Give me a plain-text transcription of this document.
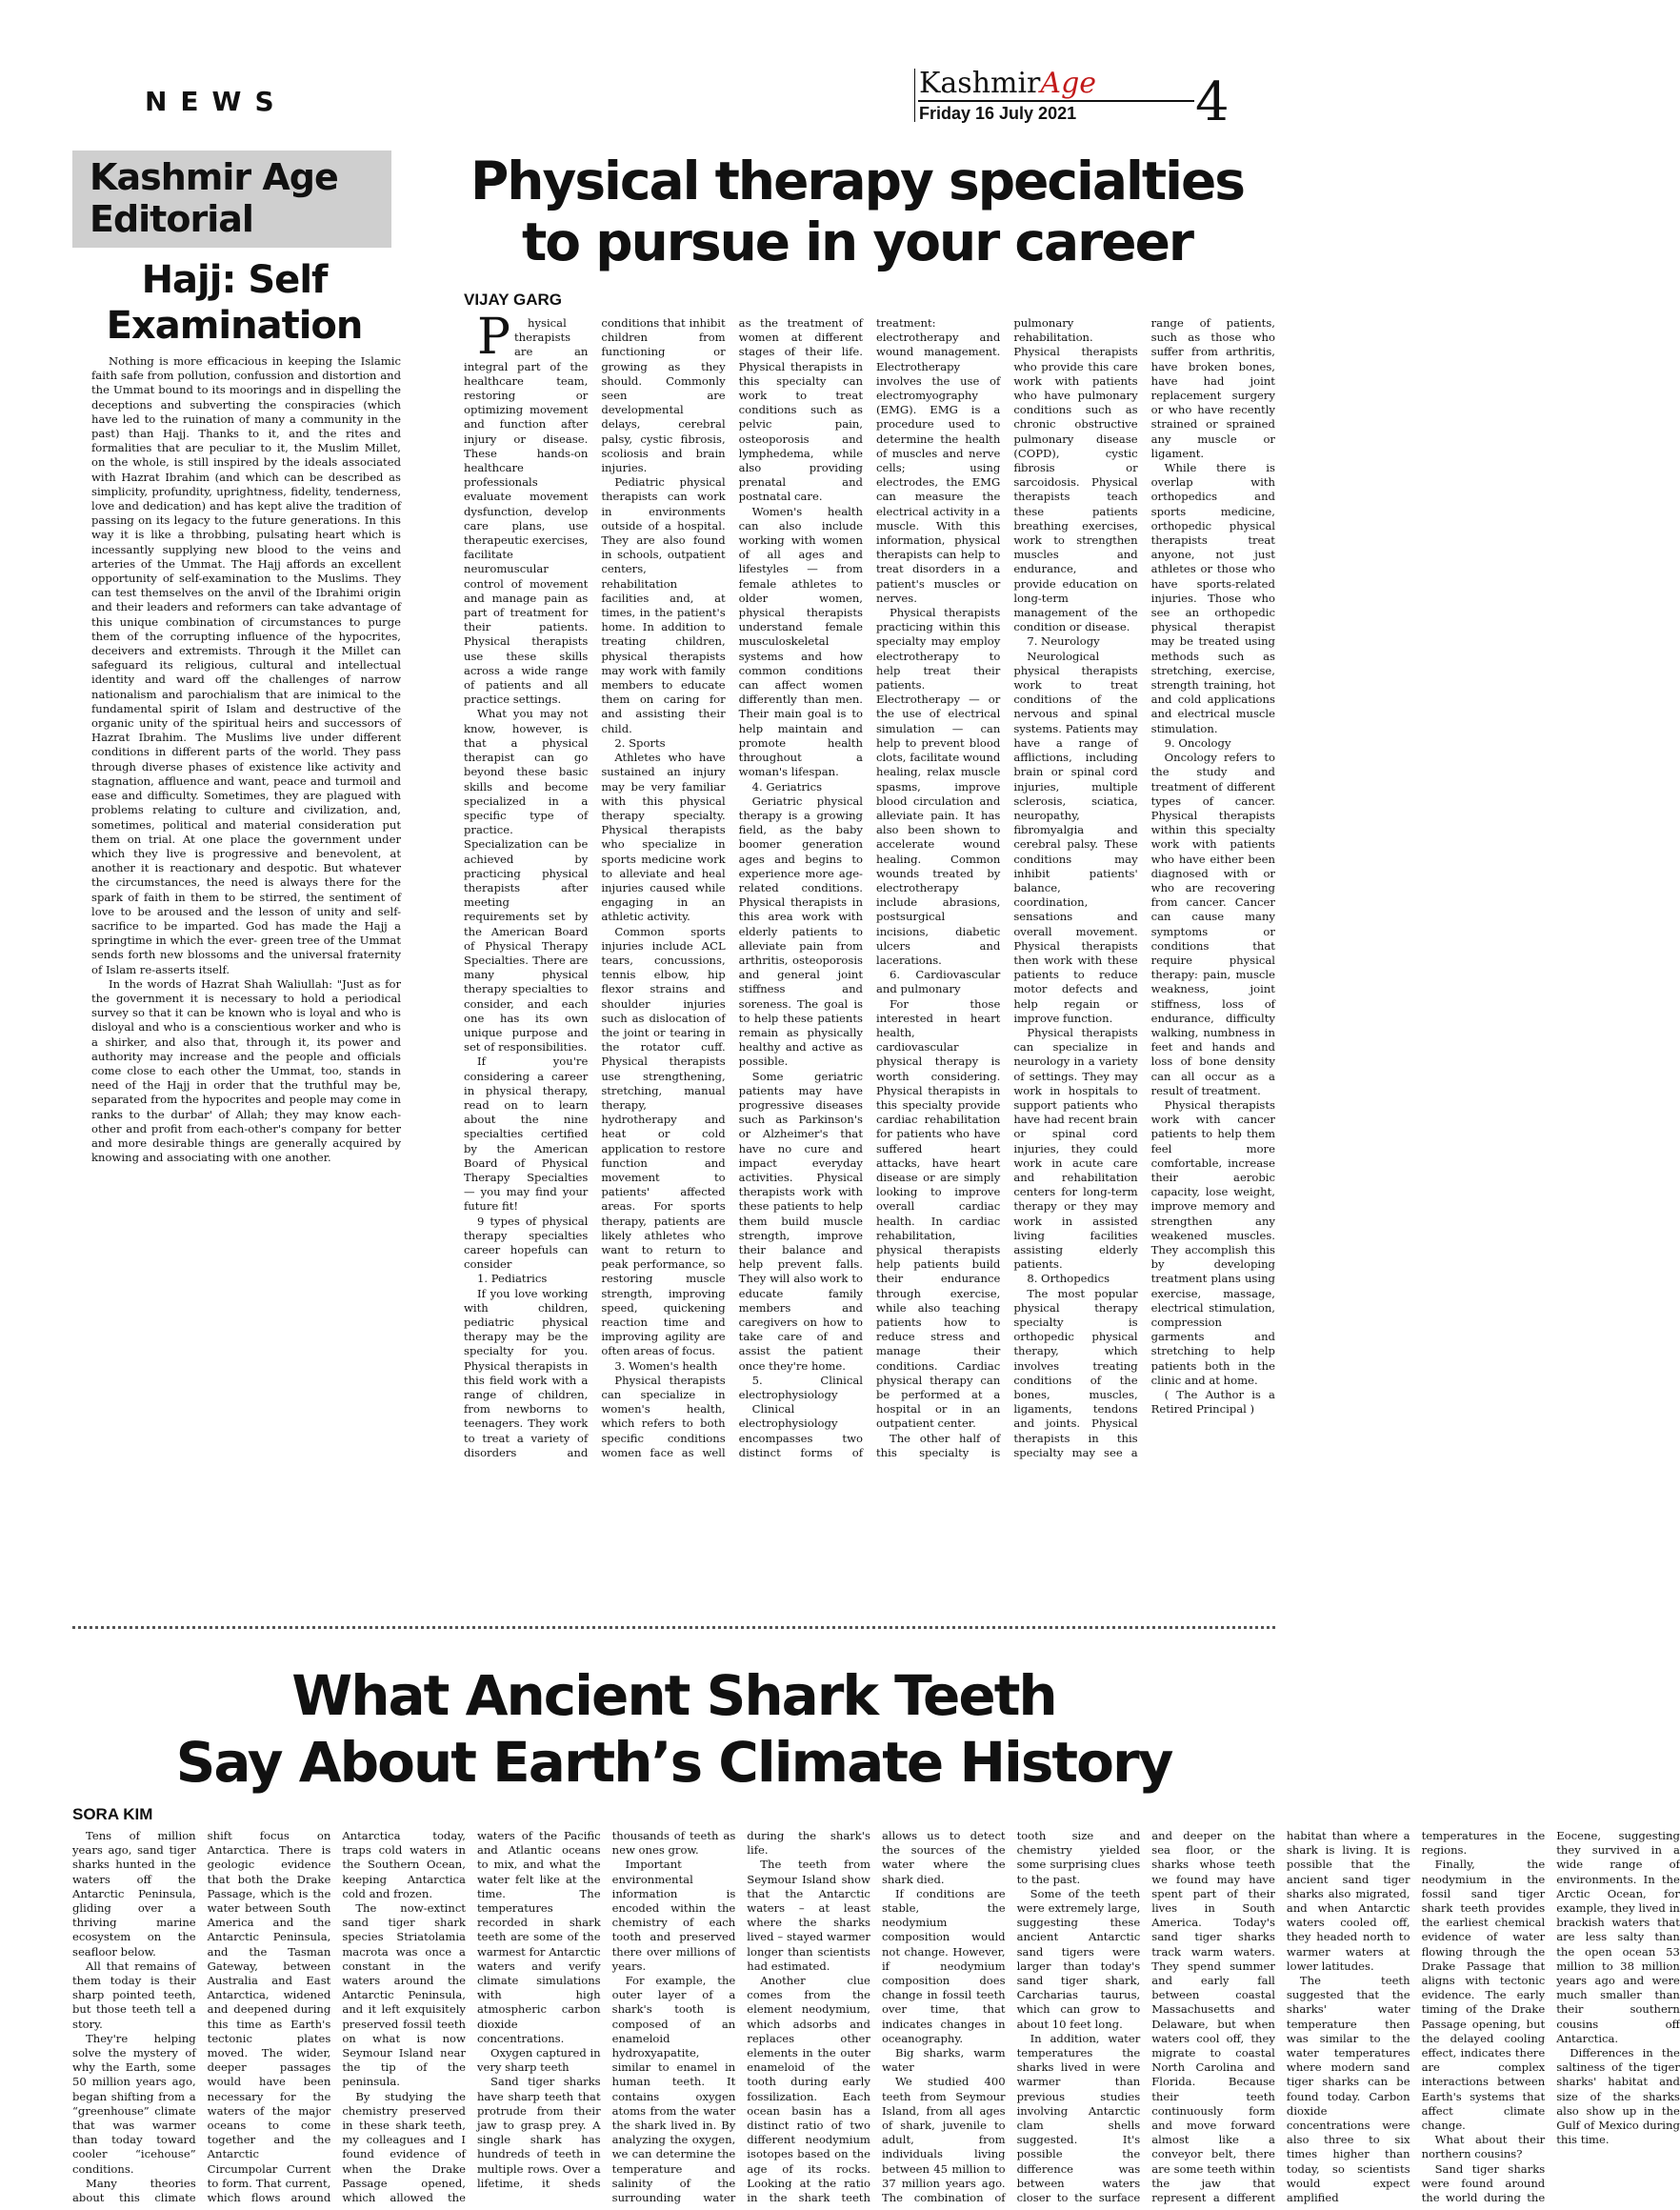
NEWS
KashmirAge
Friday 16 July 2021 4
Kashmir Age
Editorial
Hajj: Self
Examination

Nothing is more efficacious in keeping the Islamic faith safe from pollution, confussion and distortion and the Ummat bound to its moorings and in dispelling the deceptions and subverting the conspiracies (which have led to the ruination of many a community in the past) than Hajj. Thanks to it, and the rites and formalities that are peculiar to it, the Muslim Millet, on the whole, is still inspired by the ideals associated with Hazrat Ibrahim (and which can be described as simplicity, profundity, uprightness, fidelity, tenderness, love and dedication) and has kept alive the tradition of passing on its legacy to the future generations. In this way it is like a throbbing, pulsating heart which is incessantly supplying new blood to the veins and arteries of the Ummat. The Hajj affords an excellent opportunity of self-examination to the Muslims. They can test themselves on the anvil of the Ibrahimi origin and their leaders and reformers can take advantage of this unique combination of circumstances to purge them of the corrupting influence of the hypocrites, deceivers and extremists. Through it the Millet can safeguard its religious, cultural and intellectual identity and ward off the challenges of narrow nationalism and parochialism that are inimical to the fundamental spirit of Islam and destructive of the organic unity of the spiritual heirs and successors of Hazrat Ibrahim. The Muslims live under different conditions in different parts of the world. They pass through diverse phases of existence like activity and stagnation, affluence and want, peace and turmoil and ease and difficulty. Sometimes, they are plagued with problems relating to culture and civilization, and, sometimes, political and material consideration put them on trial. At one place the government under which they live is progressive and benevolent, at another it is reactionary and despotic. But whatever the circumstances, the need is always there for the spark of faith in them to be stirred, the sentiment of love to be aroused and the lesson of unity and self-sacrifice to be imparted. God has made the Hajj a springtime in which the ever- green tree of the Ummat sends forth new blossoms and the universal fraternity of Islam re-asserts itself.

In the words of Hazrat Shah Waliullah: "Just as for the government it is necessary to hold a periodical survey so that it can be known who is loyal and who is disloyal and who is a conscientious worker and who is a shirker, and also that, through it, its power and authority may increase and the people and officials come close to each other the Ummat, too, stands in need of the Hajj in order that the truthful may be, separated from the hypocrites and people may come in ranks to the durbar' of Allah; they may know each-other and profit from each-other's company for better and more desirable things are generally acquired by knowing and associating with one another.

Physical therapy specialties
to pursue in your career
VIJAY GARG

Physical therapists are an integral part of the healthcare team, restoring or optimizing movement and function after injury or disease. These hands-on healthcare professionals evaluate movement dysfunction, develop care plans, use therapeutic exercises, facilitate neuromuscular control of movement and manage pain as part of treatment for their patients. Physical therapists use these skills across a wide range of patients and all practice settings.

What you may not know, however, is that a physical therapist can go beyond these basic skills and become specialized in a specific type of practice. Specialization can be achieved by practicing physical therapists after meeting requirements set by the American Board of Physical Therapy Specialties. There are many physical therapy specialties to consider, and each one has its own unique purpose and set of responsibilities.

If you're considering a career in physical therapy, read on to learn about the nine specialties certified by the American Board of Physical Therapy Specialties — you may find your future fit!

9 types of physical therapy specialties career hopefuls can consider

1. Pediatrics

If you love working with children, pediatric physical therapy may be the specialty for you. Physical therapists in this field work with a range of children, from newborns to teenagers. They work to treat a variety of disorders and conditions that inhibit children from functioning or growing as they should. Commonly seen are developmental delays, cerebral palsy, cystic fibrosis, scoliosis and brain injuries.

Pediatric physical therapists can work in environments outside of a hospital. They are also found in schools, outpatient centers, rehabilitation facilities and, at times, in the patient's home. In addition to treating children, physical therapists may work with family members to educate them on caring for and assisting their child.

2. Sports

Athletes who have sustained an injury may be very familiar with this physical therapy specialty. Physical therapists who specialize in sports medicine work to alleviate and heal injuries caused while engaging in an athletic activity.

Common sports injuries include ACL tears, concussions, tennis elbow, hip flexor strains and shoulder injuries such as dislocation of the joint or tearing in the rotator cuff. Physical therapists use strengthening, stretching, manual therapy, hydrotherapy and heat or cold application to restore function and movement to patients' affected areas. For sports therapy, patients are likely athletes who want to return to peak performance, so restoring muscle strength, improving speed, quickening reaction time and improving agility are often areas of focus.

3. Women's health

Physical therapists can specialize in women's health, which refers to both specific conditions women face as well as the treatment of women at different stages of their life. Physical therapists in this specialty can work to treat conditions such as pelvic pain, osteoporosis and lymphedema, while also providing prenatal and postnatal care.

Women's health can also include working with women of all ages and lifestyles — from female athletes to older women, physical therapists understand female musculoskeletal systems and how common conditions can affect women differently than men. Their main goal is to help maintain and promote health throughout a woman's lifespan.

4. Geriatrics

Geriatric physical therapy is a growing field, as the baby boomer generation ages and begins to experience more age-related conditions. Physical therapists in this area work with elderly patients to alleviate pain from arthritis, osteoporosis and general joint stiffness and soreness. The goal is to help these patients remain as physically healthy and active as possible.

Some geriatric patients may have progressive diseases such as Parkinson's or Alzheimer's that have no cure and impact everyday activities. Physical therapists work with these patients to help them build muscle strength, improve their balance and help prevent falls. They will also work to educate family members and caregivers on how to take care of and assist the patient once they're home.

5. Clinical electrophysiology

Clinical electrophysiology encompasses two distinct forms of treatment: electrotherapy and wound management. Electrotherapy involves the use of electromyography (EMG). EMG is a procedure used to determine the health of muscles and nerve cells; using electrodes, the EMG can measure the electrical activity in a muscle. With this information, physical therapists can help to treat disorders in a patient's muscles or nerves.

Physical therapists practicing within this specialty may employ electrotherapy to help treat their patients. Electrotherapy — or the use of electrical simulation — can help to prevent blood clots, facilitate wound healing, relax muscle spasms, improve blood circulation and alleviate pain. It has also been shown to accelerate wound healing. Common wounds treated by electrotherapy include abrasions, postsurgical incisions, diabetic ulcers and lacerations.

6. Cardiovascular and pulmonary

For those interested in heart health, cardiovascular physical therapy is worth considering. Physical therapists in this specialty provide cardiac rehabilitation for patients who have suffered heart attacks, have heart disease or are simply looking to improve overall cardiac health. In cardiac rehabilitation, physical therapists help patients build their endurance through exercise, while also teaching patients how to reduce stress and manage their conditions. Cardiac physical therapy can be performed at a hospital or in an outpatient center.

The other half of this specialty is pulmonary rehabilitation. Physical therapists who provide this care work with patients who have pulmonary conditions such as chronic obstructive pulmonary disease (COPD), cystic fibrosis or sarcoidosis. Physical therapists teach these patients breathing exercises, work to strengthen muscles and endurance, and provide education on long-term management of the condition or disease.

7. Neurology

Neurological physical therapists work to treat conditions of the nervous and spinal systems. Patients may have a range of afflictions, including brain or spinal cord injuries, multiple sclerosis, sciatica, neuropathy, fibromyalgia and cerebral palsy. These conditions may inhibit patients' balance, coordination, sensations and overall movement. Physical therapists then work with these patients to reduce motor defects and help regain or improve function.

Physical therapists can specialize in neurology in a variety of settings. They may work in hospitals to support patients who have had recent brain or spinal cord injuries, they could work in acute care and rehabilitation centers for long-term therapy or they may work in assisted living facilities assisting elderly patients.

8. Orthopedics

The most popular physical therapy specialty is orthopedic physical therapy, which involves treating conditions of the bones, muscles, ligaments, tendons and joints. Physical therapists in this specialty may see a range of patients, such as those who suffer from arthritis, have broken bones, have had joint replacement surgery or who have recently strained or sprained any muscle or ligament.

While there is overlap with orthopedics and sports medicine, orthopedic physical therapists treat anyone, not just athletes or those who have sports-related injuries. Those who see an orthopedic physical therapist may be treated using methods such as stretching, exercise, strength training, hot and cold applications and electrical muscle stimulation.

9. Oncology

Oncology refers to the study and treatment of different types of cancer. Physical therapists within this specialty work with patients who have either been diagnosed with or who are recovering from cancer. Cancer can cause many symptoms or conditions that require physical therapy: pain, muscle weakness, joint stiffness, loss of endurance, difficulty walking, numbness in feet and hands and loss of bone density can all occur as a result of treatment.

Physical therapists work with cancer patients to help them feel more comfortable, increase their aerobic capacity, lose weight, improve memory and strengthen any weakened muscles. They accomplish this by developing treatment plans using exercise, massage, electrical stimulation, compression garments and stretching to help patients both in the clinic and at home.

( The Author is a Retired Principal )

What Ancient Shark Teeth
Say About Earth’s Climate History
SORA KIM

Tens of million years ago, sand tiger sharks hunted in the waters off the Antarctic Peninsula, gliding over a thriving marine ecosystem on the seafloor below.

All that remains of them today is their sharp pointed teeth, but those teeth tell a story.

They're helping solve the mystery of why the Earth, some 50 million years ago, began shifting from a “greenhouse” climate that was warmer than today toward cooler “icehouse” conditions.

Many theories about this climate shift focus on Antarctica. There is geologic evidence that both the Drake Passage, which is the water between South America and the Antarctic Peninsula, and the Tasman Gateway, between Australia and East Antarctica, widened and deepened during this time as Earth's tectonic plates moved. The wider, deeper passages would have been necessary for the waters of the major oceans to come together and the Antarctic Circumpolar Current to form. That current, which flows around Antarctica today, traps cold waters in the Southern Ocean, keeping Antarctica cold and frozen.

The now-extinct sand tiger shark species Striatolamia macrota was once a constant in the waters around the Antarctic Peninsula, and it left exquisitely preserved fossil teeth on what is now Seymour Island near the tip of the peninsula.

By studying the chemistry preserved in these shark teeth, my colleagues and I found evidence of when the Drake Passage opened, which allowed the waters of the Pacific and Atlantic oceans to mix, and what the water felt like at the time. The temperatures recorded in shark teeth are some of the warmest for Antarctic waters and verify climate simulations with high atmospheric carbon dioxide concentrations.

Oxygen captured in very sharp teeth

Sand tiger sharks have sharp teeth that protrude from their jaw to grasp prey. A single shark has hundreds of teeth in multiple rows. Over a lifetime, it sheds thousands of teeth as new ones grow.

Important environmental information is encoded within the chemistry of each tooth and preserved there over millions of years.

For example, the outer layer of a shark's tooth is composed of an enameloid hydroxyapatite, similar to enamel in human teeth. It contains oxygen atoms from the water the shark lived in. By analyzing the oxygen, we can determine the temperature and salinity of the surrounding water during the shark's life.

The teeth from Seymour Island show that the Antarctic waters – at least where the sharks lived – stayed warmer longer than scientists had estimated.

Another clue comes from the element neodymium, which adsorbs and replaces other elements in the outer enameloid of the tooth during early fossilization. Each ocean basin has a distinct ratio of two different neodymium isotopes based on the age of its rocks. Looking at the ratio in the shark teeth allows us to detect the sources of the water where the shark died.

If conditions are stable, the neodymium composition would not change. However, if neodymium composition does change in fossil teeth over time, that indicates changes in oceanography.

Big sharks, warm water

We studied 400 teeth from Seymour Island, from all ages of shark, juvenile to adult, from individuals living between 45 million to 37 million years ago. The combination of tooth size and chemistry yielded some surprising clues to the past.

Some of the teeth were extremely large, suggesting these ancient Antarctic sand tigers were larger than today's sand tiger shark, Carcharias taurus, which can grow to about 10 feet long.

In addition, water temperatures the sharks lived in were warmer than previous studies involving Antarctic clam shells suggested. It's possible the difference was between waters closer to the surface and deeper on the sea floor, or the sharks whose teeth we found may have spent part of their lives in South America. Today's sand tiger sharks track warm waters. They spend summer and early fall between coastal Massachusetts and Delaware, but when waters cool off, they migrate to coastal North Carolina and Florida. Because their teeth continuously form and move forward almost like a conveyor belt, there are some teeth within the jaw that represent a different habitat than where a shark is living. It is possible that the ancient sand tiger sharks also migrated, and when Antarctic waters cooled off, they headed north to warmer waters at lower latitudes.

The teeth suggested that the sharks' water temperature then was similar to the water temperatures where modern sand tiger sharks can be found today. Carbon dioxide concentrations were also three to six times higher than today, so scientists would expect amplified temperatures in the regions.

Finally, the neodymium in the fossil sand tiger shark teeth provides the earliest chemical evidence of water flowing through the Drake Passage that aligns with tectonic evidence. The early timing of the Drake Passage opening, but the delayed cooling effect, indicates there are complex interactions between Earth's systems that affect climate change.

What about their northern cousins?

Sand tiger sharks were found around the world during the Eocene, suggesting they survived in a wide range of environments. In the Arctic Ocean, for example, they lived in brackish waters that are less salty than the open ocean 53 million to 38 million years ago and were much smaller than their southern cousins off Antarctica.

Differences in the saltiness of the tiger sharks' habitat and size of the sharks also show up in the Gulf of Mexico during this time.
